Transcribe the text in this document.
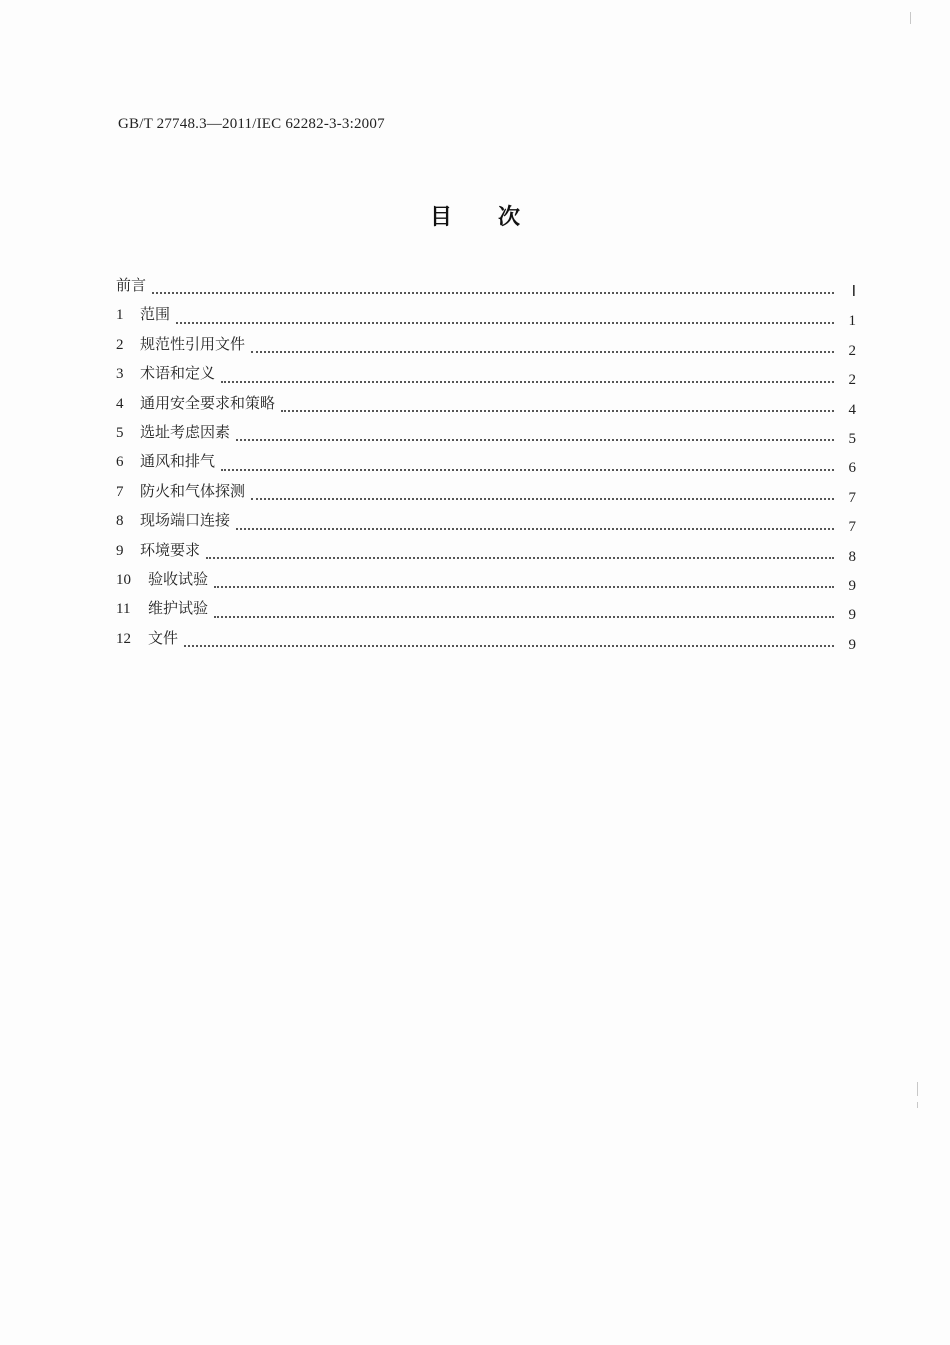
GB/T 27748.3—2011/IEC 62282-3-3:2007
目次
前言	Ⅰ
1	范围	1
2	规范性引用文件	2
3	术语和定义	2
4	通用安全要求和策略	4
5	选址考虑因素	5
6	通风和排气	6
7	防火和气体探测	7
8	现场端口连接	7
9	环境要求	8
10	验收试验	9
11	维护试验	9
12	文件	9
